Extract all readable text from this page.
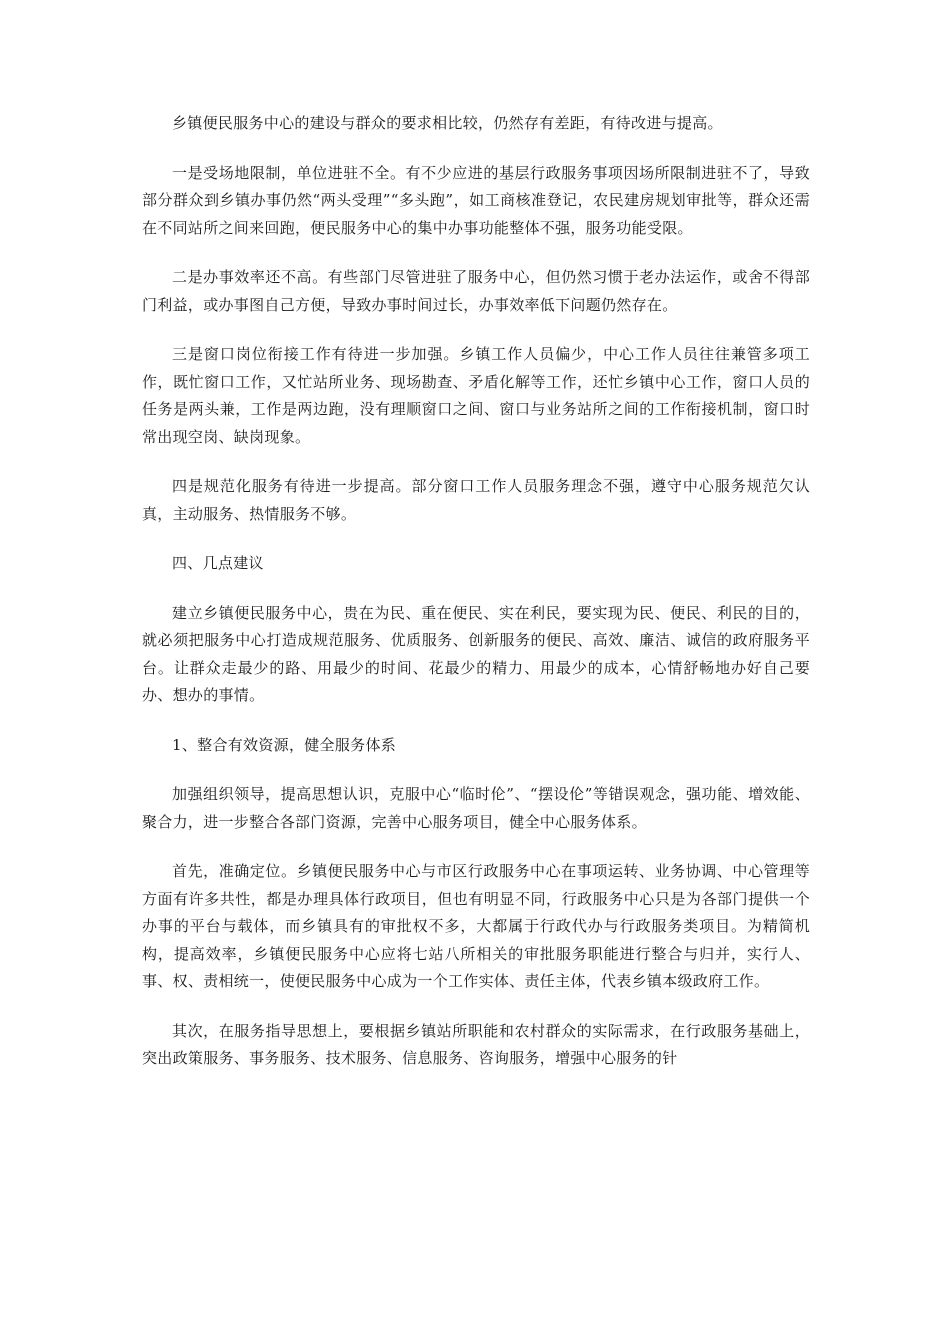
乡镇便民服务中心的建设与群众的要求相比较，仍然存有差距，有待改进与提高。

一是受场地限制，单位进驻不全。有不少应进的基层行政服务事项因场所限制进驻不了，导致部分群众到乡镇办事仍然“两头受理”“多头跑”，如工商核准登记，农民建房规划审批等，群众还需在不同站所之间来回跑，便民服务中心的集中办事功能整体不强，服务功能受限。

二是办事效率还不高。有些部门尽管进驻了服务中心，但仍然习惯于老办法运作，或舍不得部门利益，或办事图自己方便，导致办事时间过长，办事效率低下问题仍然存在。

三是窗口岗位衔接工作有待进一步加强。乡镇工作人员偏少，中心工作人员往往兼管多项工作，既忙窗口工作，又忙站所业务、现场勘查、矛盾化解等工作，还忙乡镇中心工作，窗口人员的任务是两头兼，工作是两边跑，没有理顺窗口之间、窗口与业务站所之间的工作衔接机制，窗口时常出现空岗、缺岗现象。

四是规范化服务有待进一步提高。部分窗口工作人员服务理念不强，遵守中心服务规范欠认真，主动服务、热情服务不够。

四、几点建议

建立乡镇便民服务中心，贵在为民、重在便民、实在利民，要实现为民、便民、利民的目的，就必须把服务中心打造成规范服务、优质服务、创新服务的便民、高效、廉洁、诚信的政府服务平台。让群众走最少的路、用最少的时间、花最少的精力、用最少的成本，心情舒畅地办好自己要办、想办的事情。

1、整合有效资源，健全服务体系

加强组织领导，提高思想认识，克服中心“临时伦”、“摆设伦”等错误观念，强功能、增效能、聚合力，进一步整合各部门资源，完善中心服务项目，健全中心服务体系。

首先，准确定位。乡镇便民服务中心与市区行政服务中心在事项运转、业务协调、中心管理等方面有许多共性，都是办理具体行政项目，但也有明显不同，行政服务中心只是为各部门提供一个办事的平台与载体，而乡镇具有的审批权不多，大都属于行政代办与行政服务类项目。为精简机构，提高效率，乡镇便民服务中心应将七站八所相关的审批服务职能进行整合与归并，实行人、事、权、责相统一，使便民服务中心成为一个工作实体、责任主体，代表乡镇本级政府工作。

其次，在服务指导思想上，要根据乡镇站所职能和农村群众的实际需求，在行政服务基础上，突出政策服务、事务服务、技术服务、信息服务、咨询服务，增强中心服务的针
